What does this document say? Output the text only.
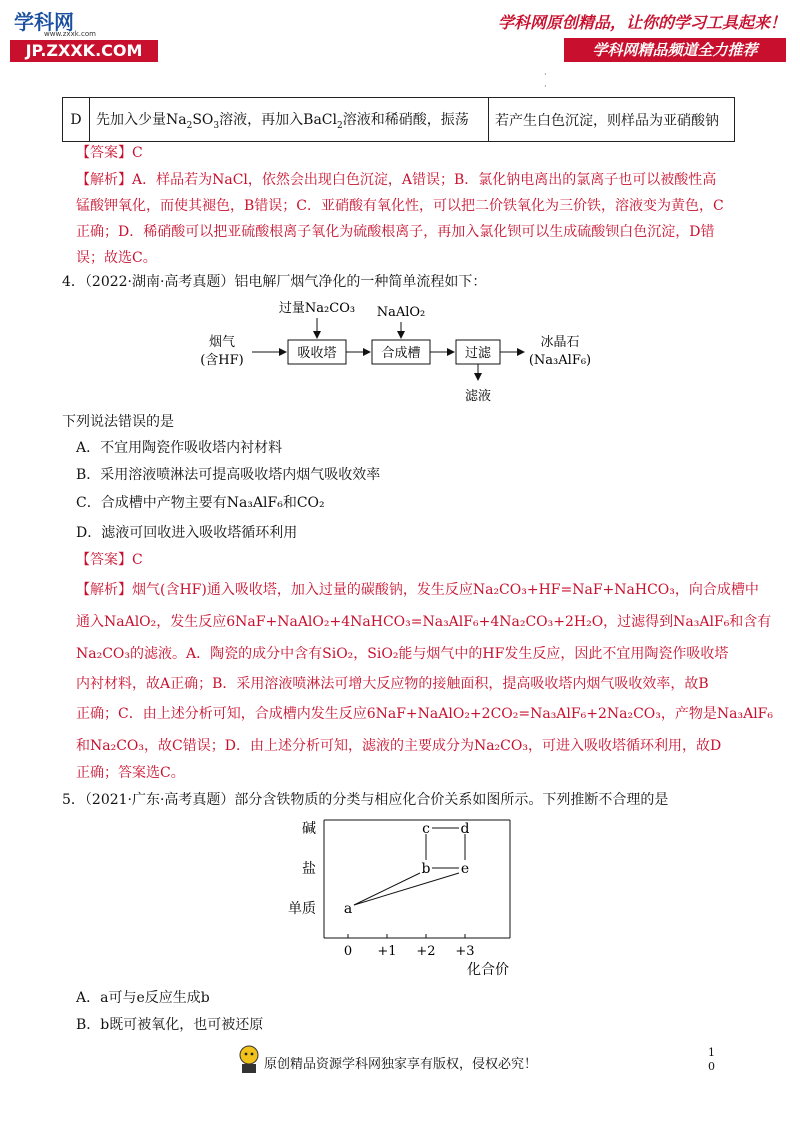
学科网
www.zxxk.com
JP.ZXXK.COM
学科网原创精品，让你的学习工具起来！
学科网精品频道全力推荐
·
·
D	先加入少量$Na_2SO_3$溶液，再加入BaCl$_2$溶液和稀硝酸，振荡	若产生白色沉淀，则样品为亚硝酸钠
【答案】C
【解析】A．样品若为NaCl，依然会出现白色沉淀，A错误；B．氯化钠电离出的氯离子也可以被酸性高
锰酸钾氧化，而使其褪色，B错误；C．亚硝酸有氧化性，可以把二价铁氧化为三价铁，溶液变为黄色，C
正确；D．稀硝酸可以把亚硫酸根离子氧化为硫酸根离子，再加入氯化钡可以生成硫酸钡白色沉淀，D错
误；故选C。
4．（2022·湖南·高考真题）铝电解厂烟气净化的一种简单流程如下：
烟气
(含HF)	吸收塔
过量Na₂CO₃
合成槽
NaAlO₂
过滤
滤液
冰晶石
(Na₃AlF₆)
下列说法错误的是
A．不宜用陶瓷作吸收塔内衬材料
B．采用溶液喷淋法可提高吸收塔内烟气吸收效率
C．合成槽中产物主要有Na₃AlF₆和CO₂
D．滤液可回收进入吸收塔循环利用
【答案】C
【解析】烟气(含HF)通入吸收塔，加入过量的碳酸钠，发生反应Na₂CO₃+HF=NaF+NaHCO₃，向合成槽中
通入NaAlO₂，发生反应6NaF+NaAlO₂+4NaHCO₃=Na₃AlF₆+4Na₂CO₃+2H₂O，过滤得到Na₃AlF₆和含有
Na₂CO₃的滤液。A．陶瓷的成分中含有SiO₂，SiO₂能与烟气中的HF发生反应，因此不宜用陶瓷作吸收塔
内衬材料，故A正确；B．采用溶液喷淋法可增大反应物的接触面积，提高吸收塔内烟气吸收效率，故B
正确；C．由上述分析可知，合成槽内发生反应6NaF+NaAlO₂+2CO₂=Na₃AlF₆+2Na₂CO₃，产物是Na₃AlF₆
和Na₂CO₃，故C错误；D．由上述分析可知，滤液的主要成分为Na₂CO₃，可进入吸收塔循环利用，故D
正确；答案选C。
5．（2021·广东·高考真题）部分含铁物质的分类与相应化合价关系如图所示。下列推断不合理的是
单质
盐
碱
0 +1 +2 +3
a
b e
c d
化合价
A．a可与e反应生成b
B．b既可被氧化，也可被还原
原创精品资源学科网独家享有版权，侵权必究！
1
0
